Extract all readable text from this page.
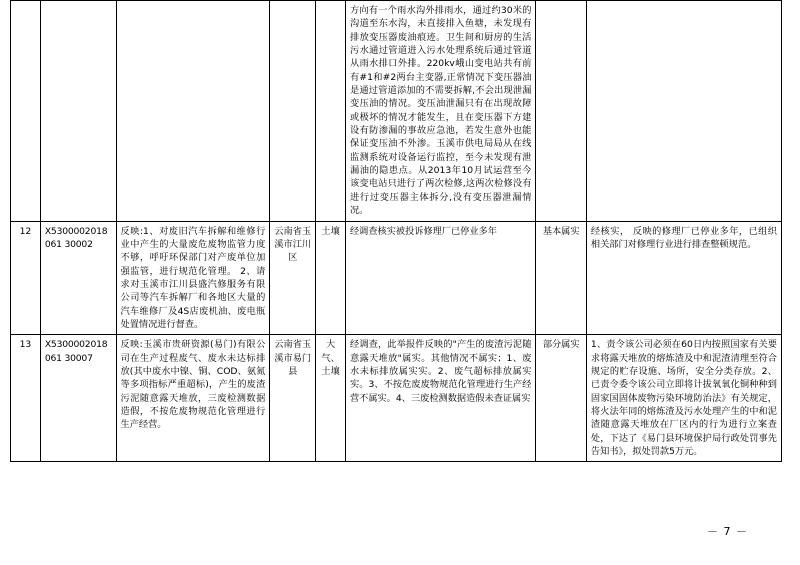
					方向有一个雨水沟外排雨水，通过约30米的沟道至东水沟，未直接排入鱼塘，未发现有排放变压器废油痕迹。卫生间和厨房的生活污水通过管道进入污水处理系统后通过管道从雨水排口外排。220kv峨山变电站共有前有#1和#2两台主变器,正常情况下变压器油是通过管道添加的不需要拆解,不会出现泄漏变压油的情况。变压油泄漏只有在出现故障或极坏的情况才能发生，且在变压器下方建设有防渗漏的事故应急池，若发生意外也能保证变压油不外渗。玉溪市供电局局从在线监测系统对设备运行监控，至今未发现有泄漏油的隐患点。从2013年10月试运营至今该变电站只进行了两次检修,这两次检修没有进行过变压器主体拆分,没有变压器泄漏情况。		
12	X5300002018061 30002	反映:1、对废旧汽车拆解和维修行业中产生的大量废危废物监管力度不够，呼吁环保部门对产废单位加强监管，进行规范化管理。 2、请求对玉溪市江川县盛汽修服务有限公司等汽车拆解厂和各地区大量的汽车维修厂及4S店废机油、废电瓶处置情况进行督查。	云南省玉溪市江川区	土壤	经调查核实被投诉修理厂已停业多年	基本属实	经核实， 反映的修理厂已停业多年，已组织相关部门对修理行业进行排查整顿规范。
13	X5300002018061 30007	反映:玉溪市贵研资源(易门)有限公司在生产过程废气、废水未达标排放(其中废水中镍、铜、COD、氨氮等多项指标严重超标)，产生的废渣污泥随意露天堆放，三废检测数据造假，不按危废物规范化管理进行生产经营。	云南省玉溪市易门县	大气、土壤	经调查，此举报件反映的"产生的废渣污泥随意露天堆放"属实。其他情况不属实；1、废水未标排放属实实。2、废气超标排放属实实。3、不按危废废物规范化管理进行生产经营不属实。4、三废检测数据造假未查证属实	部分属实	1、责令该公司必须在60日内按照国家有关要求将露天堆放的熔炼渣及中和泥渣清理至符合规定的贮存设施、场所，安全分类存放。2、已责令委令该公司立即将计拔氧氧化铜种种到固家国固体废物污染环境防治法》有关规定，将火法年同的熔炼渣及污水处理产生的中和泥渣随意露天堆放在厂区内的行为进行立案查处，下达了《易门县环境保护局行政处罚事先告知书》，拟处罚款5万元。
－ 7 －
